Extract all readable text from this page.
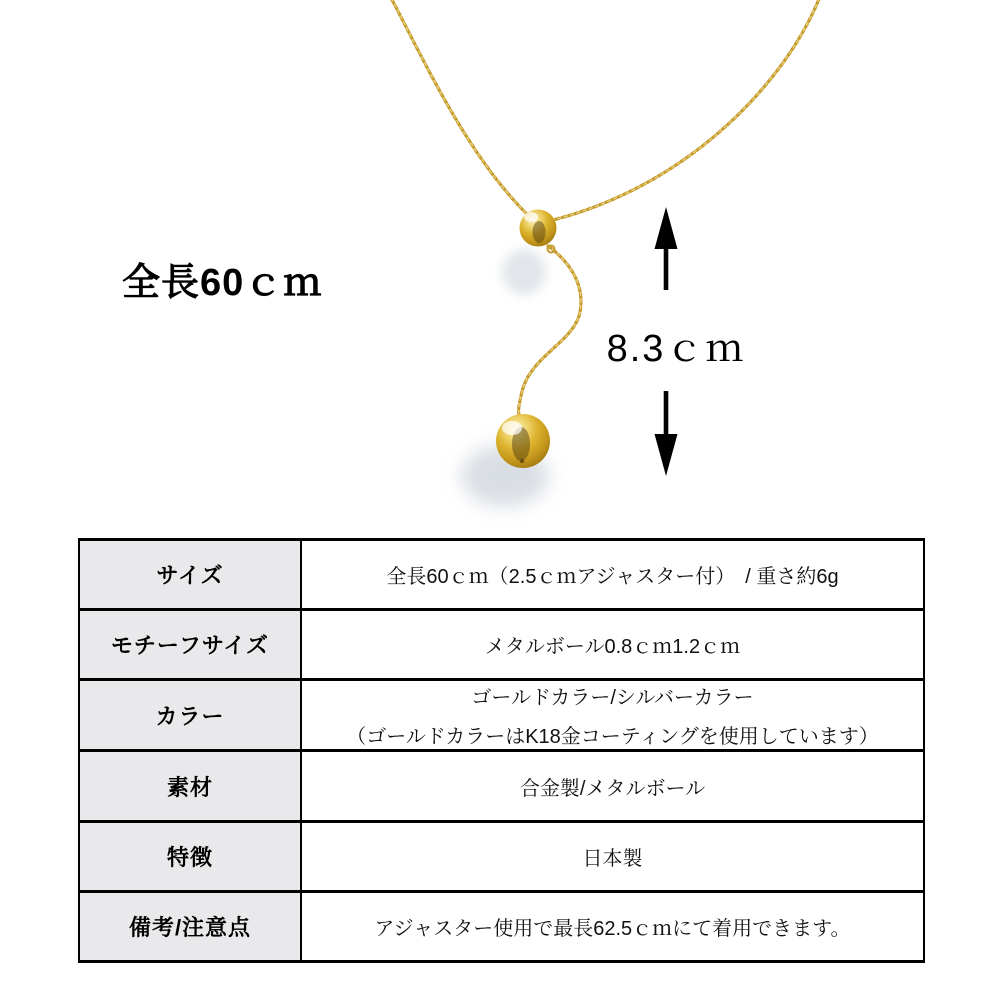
全長60ｃｍ
8.3ｃｍ
サイズ	全長60ｃｍ（2.5ｃｍアジャスター付）　/ 重さ約6g
モチーフサイズ	メタルボール0.8ｃｍ1.2ｃｍ
カラー	ゴールドカラー/シルバーカラー
（ゴールドカラーはK18金コーティングを使用しています）

素材	合金製/メタルボール
特徴	日本製
備考/注意点	アジャスター使用で最長62.5ｃｍにて着用できます。
